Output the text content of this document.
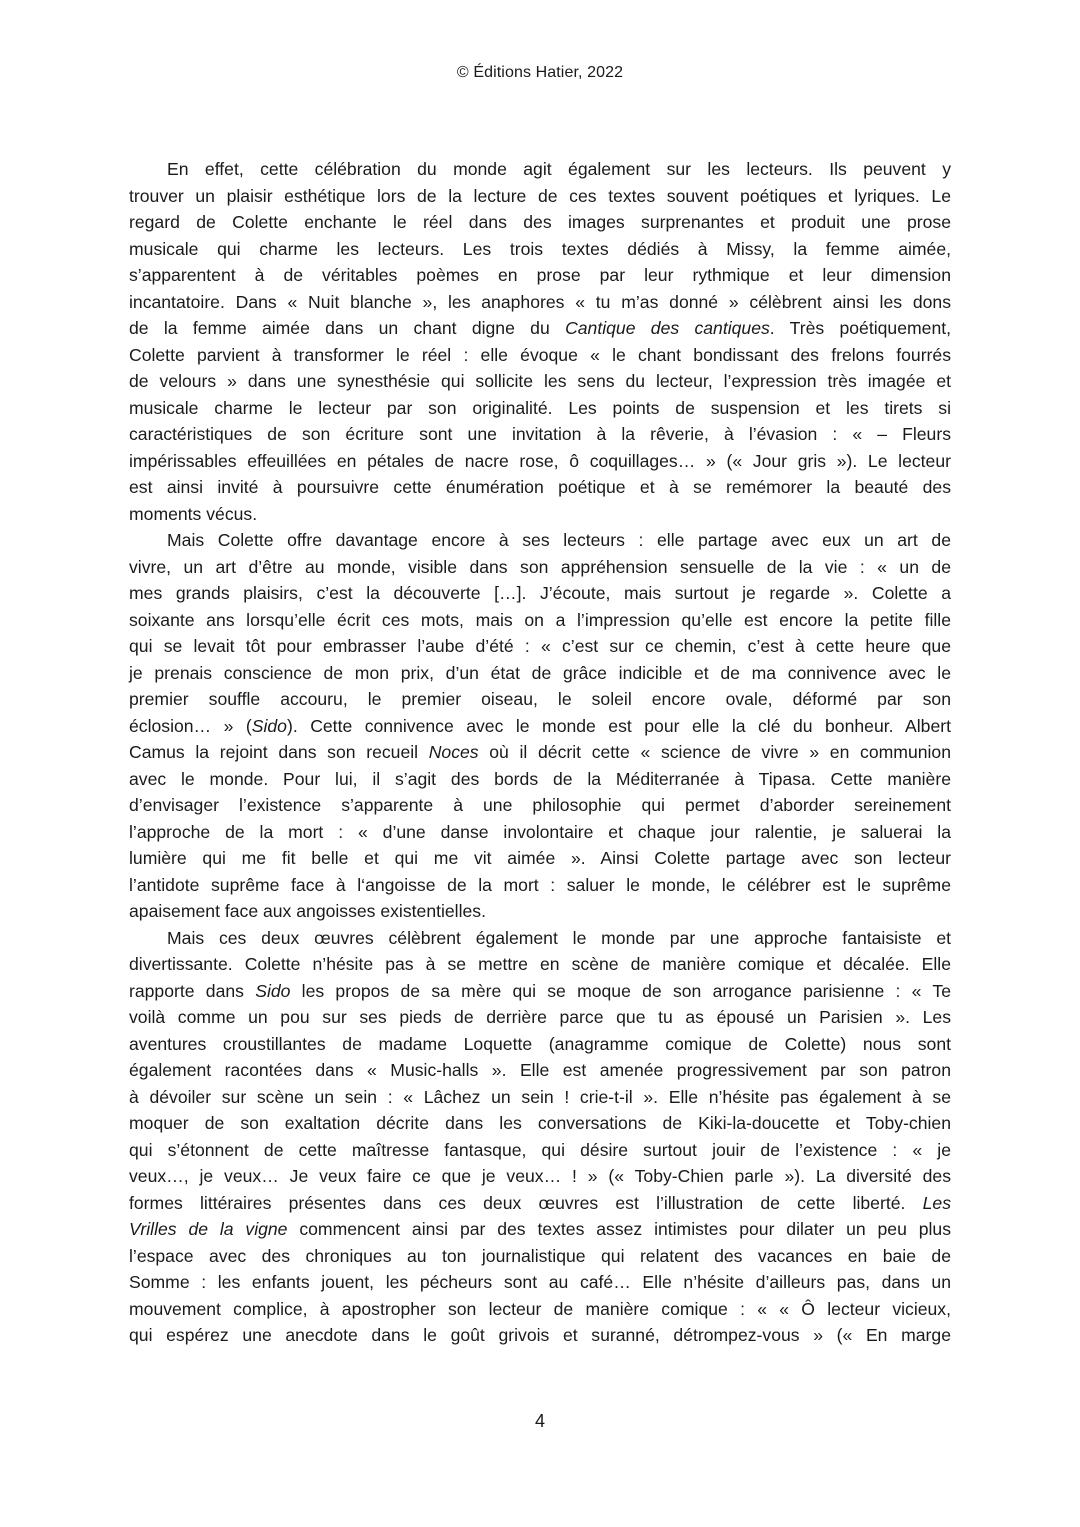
© Éditions Hatier, 2022
En effet, cette célébration du monde agit également sur les lecteurs. Ils peuvent y
trouver un plaisir esthétique lors de la lecture de ces textes souvent poétiques et lyriques. Le
regard de Colette enchante le réel dans des images surprenantes et produit une prose
musicale qui charme les lecteurs. Les trois textes dédiés à Missy, la femme aimée,
s’apparentent à de véritables poèmes en prose par leur rythmique et leur dimension
incantatoire. Dans « Nuit blanche », les anaphores « tu m’as donné » célèbrent ainsi les dons
de la femme aimée dans un chant digne du Cantique des cantiques. Très poétiquement,
Colette parvient à transformer le réel : elle évoque « le chant bondissant des frelons fourrés
de velours » dans une synesthésie qui sollicite les sens du lecteur, l’expression très imagée et
musicale charme le lecteur par son originalité. Les points de suspension et les tirets si
caractéristiques de son écriture sont une invitation à la rêverie, à l’évasion : « – Fleurs
impérissables effeuillées en pétales de nacre rose, ô coquillages… » (« Jour gris »). Le lecteur
est ainsi invité à poursuivre cette énumération poétique et à se remémorer la beauté des
moments vécus.
Mais Colette offre davantage encore à ses lecteurs : elle partage avec eux un art de
vivre, un art d’être au monde, visible dans son appréhension sensuelle de la vie : « un de
mes grands plaisirs, c’est la découverte […]. J’écoute, mais surtout je regarde ». Colette a
soixante ans lorsqu’elle écrit ces mots, mais on a l’impression qu’elle est encore la petite fille
qui se levait tôt pour embrasser l’aube d’été : « c’est sur ce chemin, c’est à cette heure que
je prenais conscience de mon prix, d’un état de grâce indicible et de ma connivence avec le
premier souffle accouru, le premier oiseau, le soleil encore ovale, déformé par son
éclosion… » (Sido). Cette connivence avec le monde est pour elle la clé du bonheur. Albert
Camus la rejoint dans son recueil Noces où il décrit cette « science de vivre » en communion
avec le monde. Pour lui, il s’agit des bords de la Méditerranée à Tipasa. Cette manière
d’envisager l’existence s’apparente à une philosophie qui permet d’aborder sereinement
l’approche de la mort : « d’une danse involontaire et chaque jour ralentie, je saluerai la
lumière qui me fit belle et qui me vit aimée ». Ainsi Colette partage avec son lecteur
l’antidote suprême face à l‘angoisse de la mort : saluer le monde, le célébrer est le suprême
apaisement face aux angoisses existentielles.
Mais ces deux œuvres célèbrent également le monde par une approche fantaisiste et
divertissante. Colette n’hésite pas à se mettre en scène de manière comique et décalée. Elle
rapporte dans Sido les propos de sa mère qui se moque de son arrogance parisienne : « Te
voilà comme un pou sur ses pieds de derrière parce que tu as épousé un Parisien ». Les
aventures croustillantes de madame Loquette (anagramme comique de Colette) nous sont
également racontées dans « Music-halls ». Elle est amenée progressivement par son patron
à dévoiler sur scène un sein : « Lâchez un sein ! crie-t-il ». Elle n’hésite pas également à se
moquer de son exaltation décrite dans les conversations de Kiki-la-doucette et Toby-chien
qui s’étonnent de cette maîtresse fantasque, qui désire surtout jouir de l’existence : « je
veux…, je veux… Je veux faire ce que je veux… ! » (« Toby-Chien parle »). La diversité des
formes littéraires présentes dans ces deux œuvres est l’illustration de cette liberté. Les
Vrilles de la vigne commencent ainsi par des textes assez intimistes pour dilater un peu plus
l’espace avec des chroniques au ton journalistique qui relatent des vacances en baie de
Somme : les enfants jouent, les pécheurs sont au café… Elle n’hésite d’ailleurs pas, dans un
mouvement complice, à apostropher son lecteur de manière comique : « « Ô lecteur vicieux,
qui espérez une anecdote dans le goût grivois et suranné, détrompez-vous » (« En marge
4
